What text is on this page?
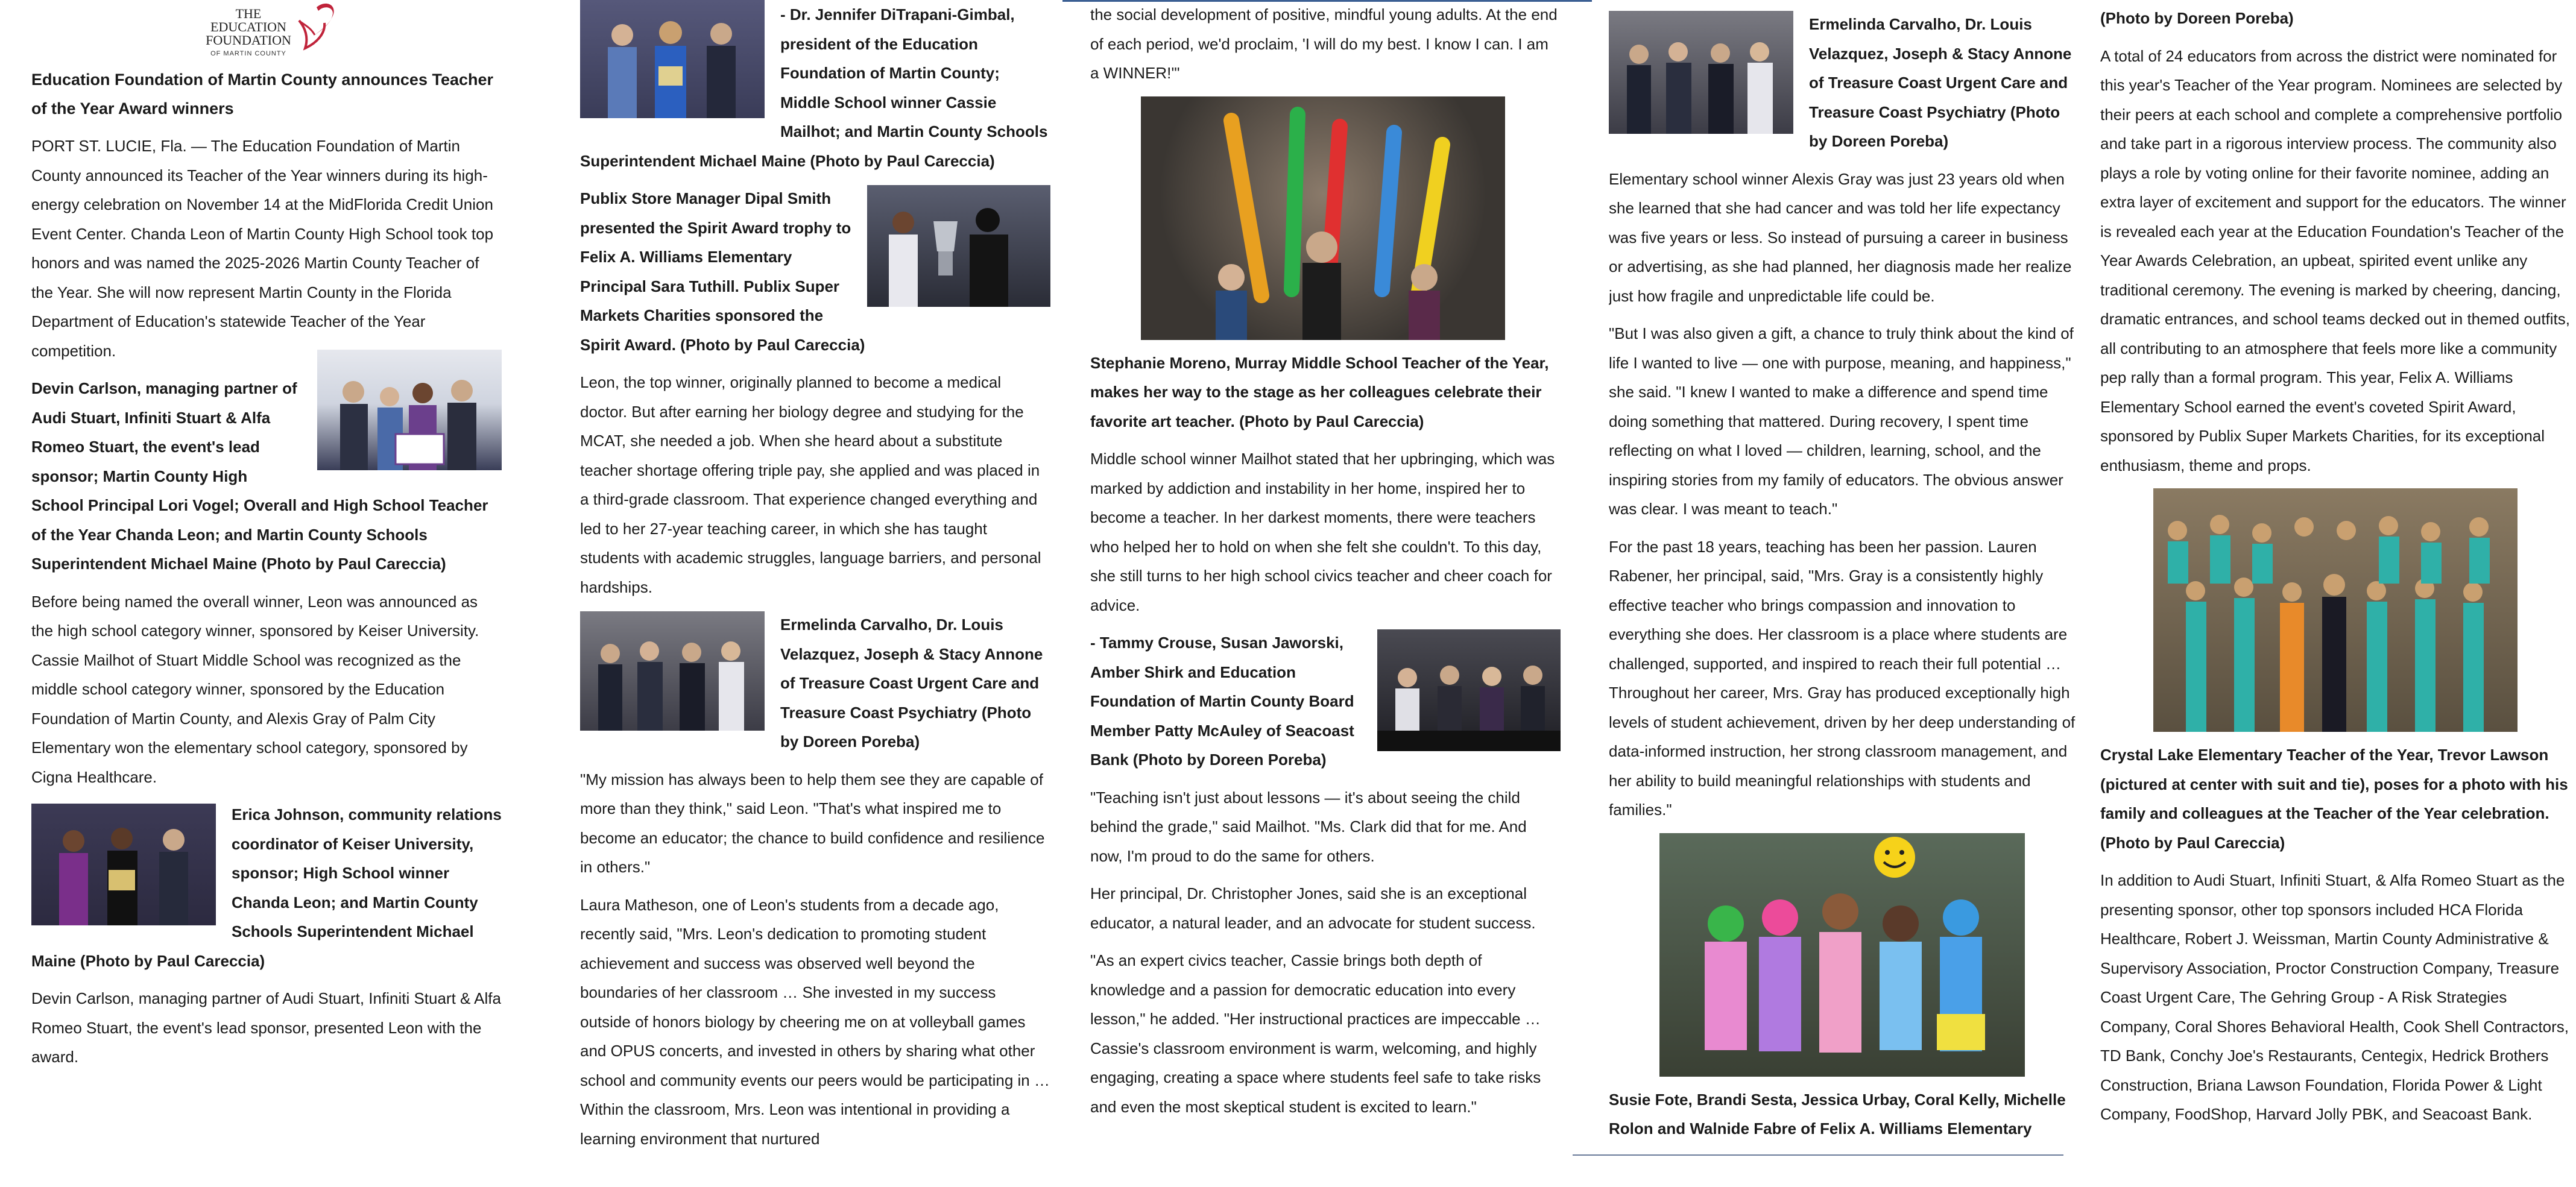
THE
EDUCATION
FOUNDATION
OF MARTIN COUNTY
Education Foundation of Martin County announces Teacher of the Year Award winners
PORT ST. LUCIE, Fla. — The Education Foundation of Martin County announced its Teacher of the Year winners during its high-energy celebration on November 14 at the MidFlorida Credit Union Event Center. Chanda Leon of Martin County High School took top honors and was named the 2025-2026 Martin County Teacher of the Year. She will now represent Martin County in the Florida Department of Education's statewide Teacher of the Year competition.
Devin Carlson, managing partner of Audi Stuart, Infiniti Stuart & Alfa Romeo Stuart, the event's lead sponsor; Martin County High School Principal Lori Vogel; Overall and High School Teacher of the Year Chanda Leon; and Martin County Schools Superintendent Michael Maine (Photo by Paul Careccia)
Before being named the overall winner, Leon was announced as the high school category winner, sponsored by Keiser University. Cassie Mailhot of Stuart Middle School was recognized as the middle school category winner, sponsored by the Education Foundation of Martin County, and Alexis Gray of Palm City Elementary won the elementary school category, sponsored by Cigna Healthcare.
Erica Johnson, community relations coordinator of Keiser University, sponsor; High School winner Chanda Leon; and Martin County Schools Superintendent Michael Maine (Photo by Paul Careccia)
Devin Carlson, managing partner of Audi Stuart, Infiniti Stuart & Alfa Romeo Stuart, the event's lead sponsor, presented Leon with the award.
- Dr. Jennifer DiTrapani-Gimbal, president of the Education Foundation of Martin County; Middle School winner Cassie Mailhot; and Martin County Schools Superintendent Michael Maine (Photo by Paul Careccia)
Publix Store Manager Dipal Smith presented the Spirit Award trophy to Felix A. Williams Elementary Principal Sara Tuthill. Publix Super Markets Charities sponsored the Spirit Award. (Photo by Paul Careccia)
Leon, the top winner, originally planned to become a medical doctor. But after earning her biology degree and studying for the MCAT, she needed a job. When she heard about a substitute teacher shortage offering triple pay, she applied and was placed in a third-grade classroom. That experience changed everything and led to her 27-year teaching career, in which she has taught students with academic struggles, language barriers, and personal hardships.
Ermelinda Carvalho, Dr. Louis Velazquez, Joseph & Stacy Annone of Treasure Coast Urgent Care and Treasure Coast Psychiatry (Photo by Doreen Poreba)
"My mission has always been to help them see they are capable of more than they think," said Leon. "That's what inspired me to become an educator; the chance to build confidence and resilience in others."
Laura Matheson, one of Leon's students from a decade ago, recently said, "Mrs. Leon's dedication to promoting student achievement and success was observed well beyond the boundaries of her classroom … She invested in my success outside of honors biology by cheering me on at volleyball games and OPUS concerts, and invested in others by sharing what other school and community events our peers would be participating in … Within the classroom, Mrs. Leon was intentional in providing a learning environment that nurtured
the social development of positive, mindful young adults. At the end of each period, we'd proclaim, 'I will do my best. I know I can. I am a WINNER!'"
Stephanie Moreno, Murray Middle School Teacher of the Year, makes her way to the stage as her colleagues celebrate their favorite art teacher. (Photo by Paul Careccia)
Middle school winner Mailhot stated that her upbringing, which was marked by addiction and instability in her home, inspired her to become a teacher. In her darkest moments, there were teachers who helped her to hold on when she felt she couldn't. To this day, she still turns to her high school civics teacher and cheer coach for advice.
- Tammy Crouse, Susan Jaworski, Amber Shirk and Education Foundation of Martin County Board Member Patty McAuley of Seacoast Bank (Photo by Doreen Poreba)
"Teaching isn't just about lessons — it's about seeing the child behind the grade," said Mailhot. "Ms. Clark did that for me. And now, I'm proud to do the same for others.
Her principal, Dr. Christopher Jones, said she is an exceptional educator, a natural leader, and an advocate for student success.
"As an expert civics teacher, Cassie brings both depth of knowledge and a passion for democratic education into every lesson," he added. "Her instructional practices are impeccable … Cassie's classroom environment is warm, welcoming, and highly engaging, creating a space where students feel safe to take risks and even the most skeptical student is excited to learn."
Ermelinda Carvalho, Dr. Louis Velazquez, Joseph & Stacy Annone of Treasure Coast Urgent Care and Treasure Coast Psychiatry (Photo by Doreen Poreba)
Elementary school winner Alexis Gray was just 23 years old when she learned that she had cancer and was told her life expectancy was five years or less. So instead of pursuing a career in business or advertising, as she had planned, her diagnosis made her realize just how fragile and unpredictable life could be.
"But I was also given a gift, a chance to truly think about the kind of life I wanted to live — one with purpose, meaning, and happiness," she said. "I knew I wanted to make a difference and spend time doing something that mattered. During recovery, I spent time reflecting on what I loved — children, learning, school, and the inspiring stories from my family of educators. The obvious answer was clear. I was meant to teach."
For the past 18 years, teaching has been her passion. Lauren Rabener, her principal, said, "Mrs. Gray is a consistently highly effective teacher who brings compassion and innovation to everything she does. Her classroom is a place where students are challenged, supported, and inspired to reach their full potential … Throughout her career, Mrs. Gray has produced exceptionally high levels of student achievement, driven by her deep understanding of data-informed instruction, her strong classroom management, and her ability to build meaningful relationships with students and families."
Susie Fote, Brandi Sesta, Jessica Urbay, Coral Kelly, Michelle Rolon and Walnide Fabre of Felix A. Williams Elementary
(Photo by Doreen Poreba)
A total of 24 educators from across the district were nominated for this year's Teacher of the Year program. Nominees are selected by their peers at each school and complete a comprehensive portfolio and take part in a rigorous interview process. The community also plays a role by voting online for their favorite nominee, adding an extra layer of excitement and support for the educators. The winner is revealed each year at the Education Foundation's Teacher of the Year Awards Celebration, an upbeat, spirited event unlike any traditional ceremony. The evening is marked by cheering, dancing, dramatic entrances, and school teams decked out in themed outfits, all contributing to an atmosphere that feels more like a community pep rally than a formal program. This year, Felix A. Williams Elementary School earned the event's coveted Spirit Award, sponsored by Publix Super Markets Charities, for its exceptional enthusiasm, theme and props.
Crystal Lake Elementary Teacher of the Year, Trevor Lawson (pictured at center with suit and tie), poses for a photo with his family and colleagues at the Teacher of the Year celebration. (Photo by Paul Careccia)
In addition to Audi Stuart, Infiniti Stuart, & Alfa Romeo Stuart as the presenting sponsor, other top sponsors included HCA Florida Healthcare, Robert J. Weissman, Martin County Administrative & Supervisory Association, Proctor Construction Company, Treasure Coast Urgent Care, The Gehring Group - A Risk Strategies Company, Coral Shores Behavioral Health, Cook Shell Contractors, TD Bank, Conchy Joe's Restaurants, Centegix, Hedrick Brothers Construction, Briana Lawson Foundation, Florida Power & Light Company, FoodShop, Harvard Jolly PBK, and Seacoast Bank.
